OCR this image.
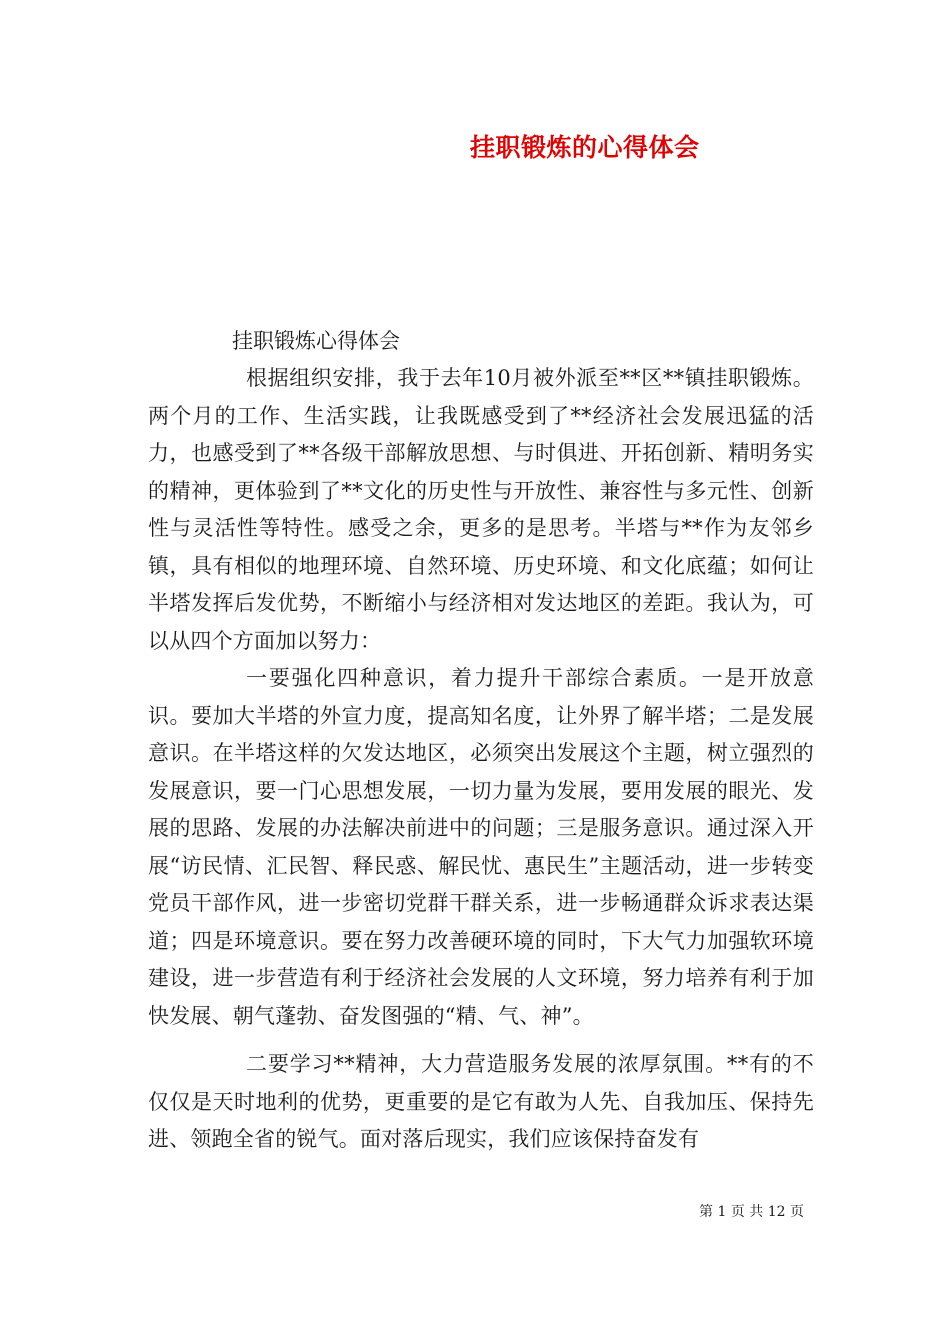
挂职锻炼的心得体会
挂职锻炼心得体会

根据组织安排，我于去年10月被外派至**区**镇挂职锻炼。两个月的工作、生活实践，让我既感受到了**经济社会发展迅猛的活力，也感受到了**各级干部解放思想、与时俱进、开拓创新、精明务实的精神，更体验到了**文化的历史性与开放性、兼容性与多元性、创新性与灵活性等特性。感受之余，更多的是思考。半塔与**作为友邻乡镇，具有相似的地理环境、自然环境、历史环境、和文化底蕴；如何让半塔发挥后发优势，不断缩小与经济相对发达地区的差距。我认为，可以从四个方面加以努力：

一要强化四种意识，着力提升干部综合素质。一是开放意识。要加大半塔的外宣力度，提高知名度，让外界了解半塔；二是发展意识。在半塔这样的欠发达地区，必须突出发展这个主题，树立强烈的发展意识，要一门心思想发展，一切力量为发展，要用发展的眼光、发展的思路、发展的办法解决前进中的问题；三是服务意识。通过深入开展“访民情、汇民智、释民惑、解民忧、惠民生”主题活动，进一步转变党员干部作风，进一步密切党群干群关系，进一步畅通群众诉求表达渠道；四是环境意识。要在努力改善硬环境的同时，下大气力加强软环境建设，进一步营造有利于经济社会发展的人文环境，努力培养有利于加快发展、朝气蓬勃、奋发图强的“精、气、神”。

二要学习**精神，大力营造服务发展的浓厚氛围。**有的不仅仅是天时地利的优势，更重要的是它有敢为人先、自我加压、保持先进、领跑全省的锐气。面对落后现实，我们应该保持奋发有

第 1 页 共 12 页
